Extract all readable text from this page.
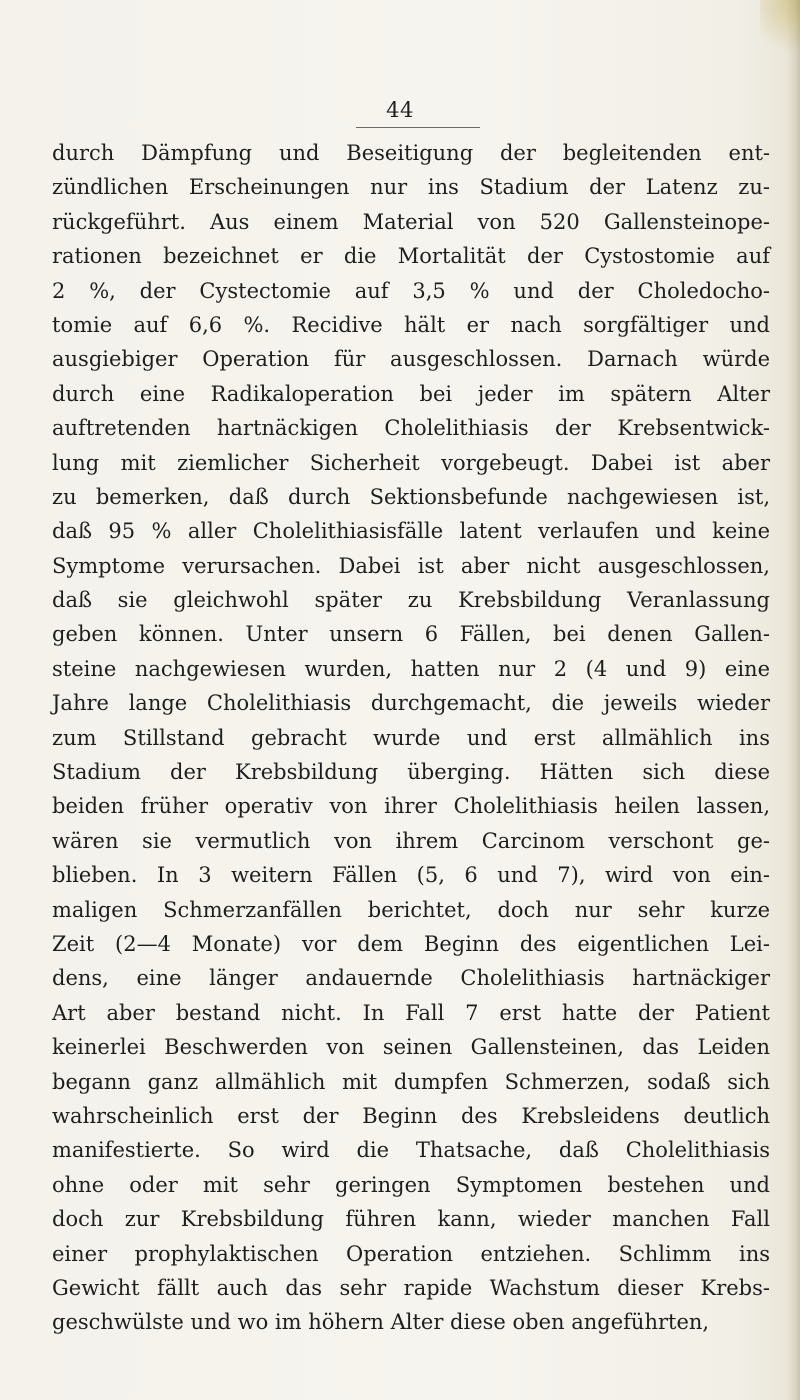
44
durch Dämpfung und Beseitigung der begleitenden ent-
zündlichen Erscheinungen nur ins Stadium der Latenz zu-
rückgeführt. Aus einem Material von 520 Gallensteinope-
rationen bezeichnet er die Mortalität der Cystostomie auf
2 %, der Cystectomie auf 3,5 % und der Choledocho-
tomie auf 6,6 %. Recidive hält er nach sorgfältiger und
ausgiebiger Operation für ausgeschlossen. Darnach würde
durch eine Radikaloperation bei jeder im spätern Alter
auftretenden hartnäckigen Cholelithiasis der Krebsentwick-
lung mit ziemlicher Sicherheit vorgebeugt. Dabei ist aber
zu bemerken, daß durch Sektionsbefunde nachgewiesen ist,
daß 95 % aller Cholelithiasisfälle latent verlaufen und keine
Symptome verursachen. Dabei ist aber nicht ausgeschlossen,
daß sie gleichwohl später zu Krebsbildung Veranlassung
geben können. Unter unsern 6 Fällen, bei denen Gallen-
steine nachgewiesen wurden, hatten nur 2 (4 und 9) eine
Jahre lange Cholelithiasis durchgemacht, die jeweils wieder
zum Stillstand gebracht wurde und erst allmählich ins
Stadium der Krebsbildung überging. Hätten sich diese
beiden früher operativ von ihrer Cholelithiasis heilen lassen,
wären sie vermutlich von ihrem Carcinom verschont ge-
blieben. In 3 weitern Fällen (5, 6 und 7), wird von ein-
maligen Schmerzanfällen berichtet, doch nur sehr kurze
Zeit (2—4 Monate) vor dem Beginn des eigentlichen Lei-
dens, eine länger andauernde Cholelithiasis hartnäckiger
Art aber bestand nicht. In Fall 7 erst hatte der Patient
keinerlei Beschwerden von seinen Gallensteinen, das Leiden
begann ganz allmählich mit dumpfen Schmerzen, sodaß sich
wahrscheinlich erst der Beginn des Krebsleidens deutlich
manifestierte. So wird die Thatsache, daß Cholelithiasis
ohne oder mit sehr geringen Symptomen bestehen und
doch zur Krebsbildung führen kann, wieder manchen Fall
einer prophylaktischen Operation entziehen. Schlimm ins
Gewicht fällt auch das sehr rapide Wachstum dieser Krebs-
geschwülste und wo im höhern Alter diese oben angeführten,
